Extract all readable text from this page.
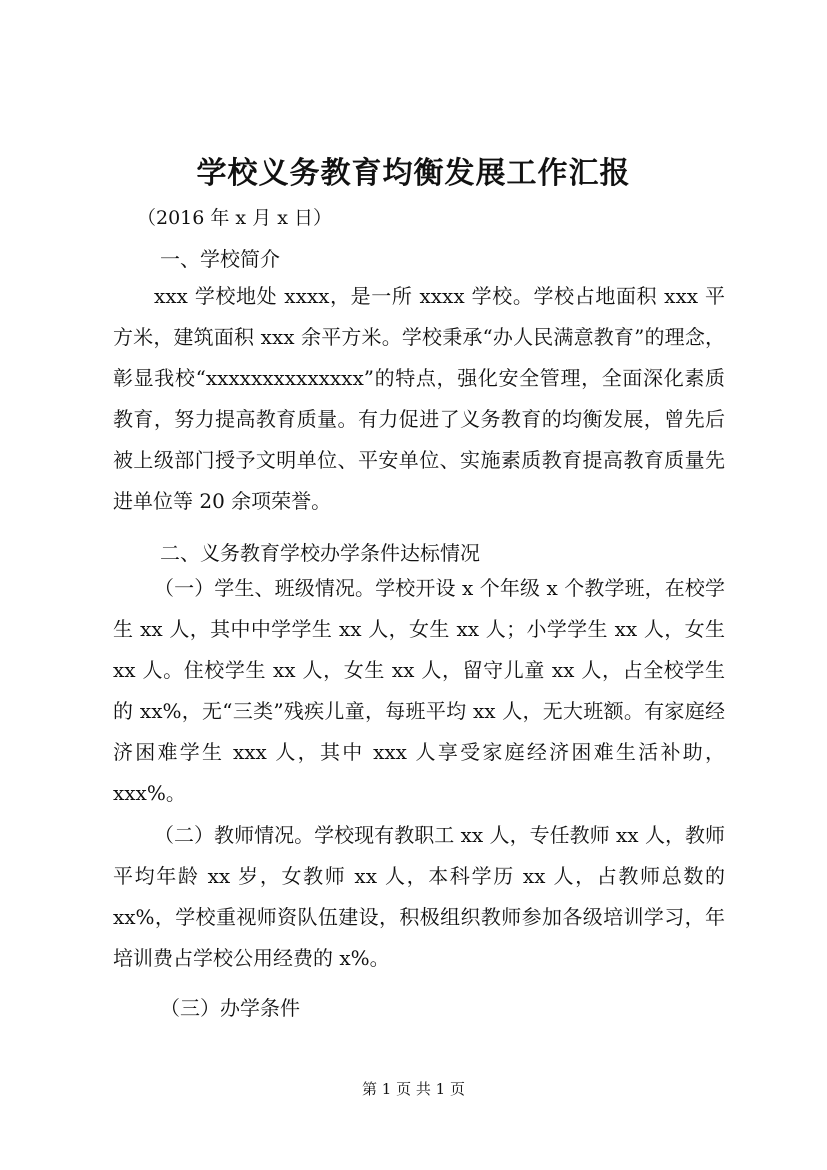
学校义务教育均衡发展工作汇报
（2016 年 x 月 x 日）
一、学校简介

xxx 学校地处 xxxx，是一所 xxxx 学校。学校占地面积 xxx 平方米，建筑面积 xxx 余平方米。学校秉承“办人民满意教育”的理念，彰显我校“xxxxxxxxxxxxxx”的特点，强化安全管理，全面深化素质教育，努力提高教育质量。有力促进了义务教育的均衡发展，曾先后被上级部门授予文明单位、平安单位、实施素质教育提高教育质量先进单位等 20 余项荣誉。

二、义务教育学校办学条件达标情况

（一）学生、班级情况。学校开设 x 个年级 x 个教学班，在校学生 xx 人，其中中学学生 xx 人，女生 xx 人；小学学生 xx 人，女生 xx 人。住校学生 xx 人，女生 xx 人，留守儿童 xx 人，占全校学生的 xx%，无“三类”残疾儿童，每班平均 xx 人，无大班额。有家庭经济困难学生 xxx 人，其中 xxx 人享受家庭经济困难生活补助，xxx%。

（二）教师情况。学校现有教职工 xx 人，专任教师 xx 人，教师平均年龄 xx 岁，女教师 xx 人，本科学历 xx 人，占教师总数的 xx%，学校重视师资队伍建设，积极组织教师参加各级培训学习，年培训费占学校公用经费的 x%。

（三）办学条件
第 1 页 共 1 页
